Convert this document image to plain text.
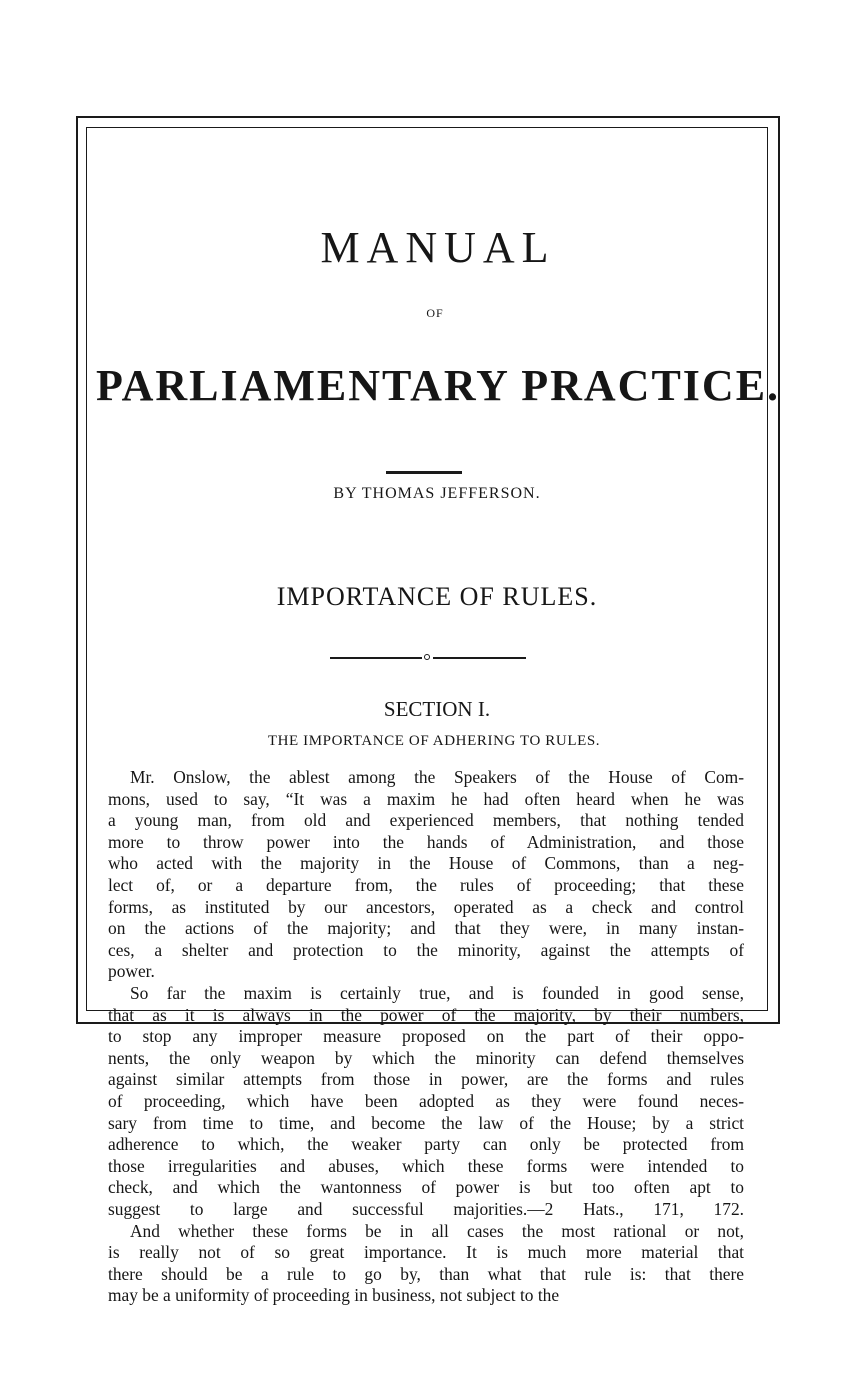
MANUAL
OF
PARLIAMENTARY PRACTICE.
BY THOMAS JEFFERSON.
IMPORTANCE OF RULES.
SECTION I.
THE IMPORTANCE OF ADHERING TO RULES.
Mr. Onslow, the ablest among the Speakers of the House of Com-
mons, used to say, “It was a maxim he had often heard when he was
a young man, from old and experienced members, that nothing tended
more to throw power into the hands of Administration, and those
who acted with the majority in the House of Commons, than a neg-
lect of, or a departure from, the rules of proceeding; that these
forms, as instituted by our ancestors, operated as a check and control
on the actions of the majority; and that they were, in many instan-
ces, a shelter and protection to the minority, against the attempts of
power.
So far the maxim is certainly true, and is founded in good sense,
that as it is always in the power of the majority, by their numbers,
to stop any improper measure proposed on the part of their oppo-
nents, the only weapon by which the minority can defend themselves
against similar attempts from those in power, are the forms and rules
of proceeding, which have been adopted as they were found neces-
sary from time to time, and become the law of the House; by a strict
adherence to which, the weaker party can only be protected from
those irregularities and abuses, which these forms were intended to
check, and which the wantonness of power is but too often apt to
suggest to large and successful majorities.—2 Hats., 171, 172.
And whether these forms be in all cases the most rational or not,
is really not of so great importance. It is much more material that
there should be a rule to go by, than what that rule is: that there
may be a uniformity of proceeding in business, not subject to the
